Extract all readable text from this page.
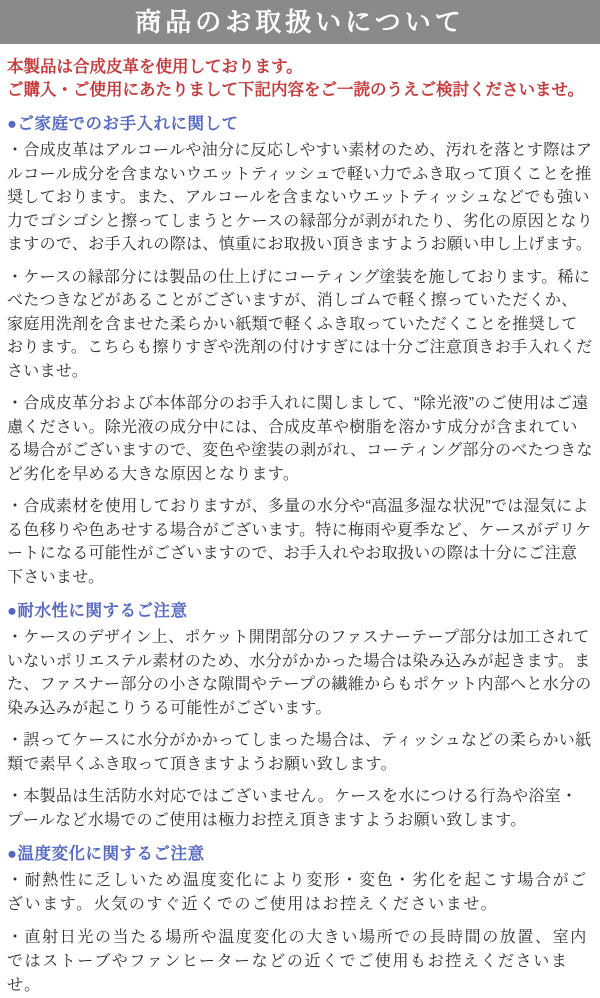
商品のお取扱いについて

本製品は合成皮革を使用しております。

ご購入・ご使用にあたりまして下記内容をご一読のうえご検討くださいませ。

●ご家庭でのお手入れに関して

・合成皮革はアルコールや油分に反応しやすい素材のため、汚れを落とす際はアルコール成分を含まないウエットティッシュで軽い力でふき取って頂くことを推奨しております。また、アルコールを含まないウエットティッシュなどでも強い力でゴシゴシと擦ってしまうとケースの縁部分が剥がれたり、劣化の原因となりますので、お手入れの際は、慎重にお取扱い頂きますようお願い申し上げます。

・ケースの縁部分には製品の仕上げにコーティング塗装を施しております。稀にべたつきなどがあることがございますが、消しゴムで軽く擦っていただくか、家庭用洗剤を含ませた柔らかい紙類で軽くふき取っていただくことを推奨しております。こちらも擦りすぎや洗剤の付けすぎには十分ご注意頂きお手入れくださいませ。

・合成皮革分および本体部分のお手入れに関しまして、“除光液”のご使用はご遠慮ください。除光液の成分中には、合成皮革や樹脂を溶かす成分が含まれている場合がございますので、変色や塗装の剥がれ、コーティング部分のべたつきなど劣化を早める大きな原因となります。

・合成素材を使用しておりますが、多量の水分や“高温多湿な状況”では湿気による色移りや色あせする場合がございます。特に梅雨や夏季など、ケースがデリケートになる可能性がございますので、お手入れやお取扱いの際は十分にご注意下さいませ。

●耐水性に関するご注意

・ケースのデザイン上、ポケット開閉部分のファスナーテープ部分は加工されていないポリエステル素材のため、水分がかかった場合は染み込みが起きます。また、ファスナー部分の小さな隙間やテープの繊維からもポケット内部へと水分の染み込みが起こりうる可能性がございます。

・誤ってケースに水分がかかってしまった場合は、ティッシュなどの柔らかい紙類で素早くふき取って頂きますようお願い致します。

・本製品は生活防水対応ではございません。ケースを水につける行為や浴室・プールなど水場でのご使用は極力お控え頂きますようお願い致します。

●温度変化に関するご注意

・耐熱性に乏しいため温度変化により変形・変色・劣化を起こす場合がございます。火気のすぐ近くでのご使用はお控えくださいませ。

・直射日光の当たる場所や温度変化の大きい場所での長時間の放置、室内ではストーブやファンヒーターなどの近くでご使用もお控えくださいませ。
